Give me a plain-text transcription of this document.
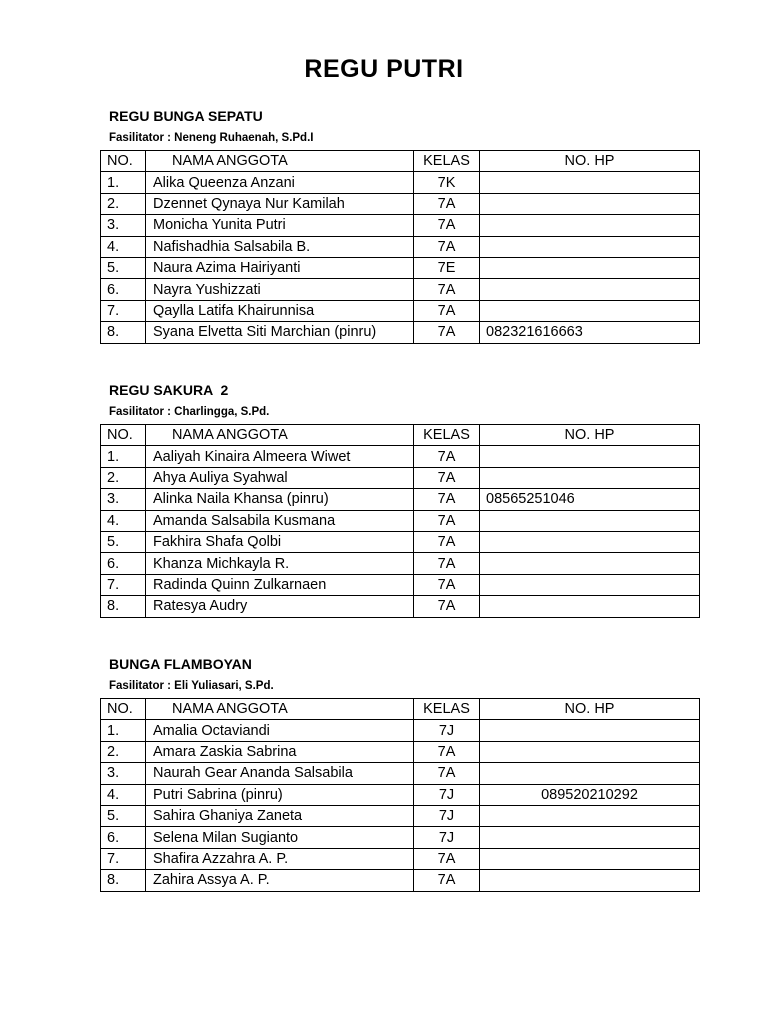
REGU PUTRI
REGU BUNGA SEPATU
Fasilitator : Neneng Ruhaenah, S.Pd.I
NO.	NAMA ANGGOTA	KELAS	NO. HP
1.	Alika Queenza Anzani	7K	
2.	Dzennet Qynaya Nur Kamilah	7A	
3.	Monicha Yunita Putri	7A	
4.	Nafishadhia Salsabila B.	7A	
5.	Naura Azima Hairiyanti	7E	
6.	Nayra Yushizzati	7A	
7.	Qaylla Latifa Khairunnisa	7A	
8.	Syana Elvetta Siti Marchian (pinru)	7A	082321616663
REGU SAKURA  2
Fasilitator : Charlingga, S.Pd.
NO.	NAMA ANGGOTA	KELAS	NO. HP
1.	Aaliyah Kinaira Almeera Wiwet	7A	
2.	Ahya Auliya Syahwal	7A	
3.	Alinka Naila Khansa (pinru)	7A	08565251046
4.	Amanda Salsabila Kusmana	7A	
5.	Fakhira Shafa Qolbi	7A	
6.	Khanza Michkayla R.	7A	
7.	Radinda Quinn Zulkarnaen	7A	
8.	Ratesya Audry	7A	
BUNGA FLAMBOYAN
Fasilitator : Eli Yuliasari, S.Pd.
NO.	NAMA ANGGOTA	KELAS	NO. HP
1.	Amalia Octaviandi	7J	
2.	Amara Zaskia Sabrina	7A	
3.	Naurah Gear Ananda Salsabila	7A	
4.	Putri Sabrina (pinru)	7J	089520210292
5.	Sahira Ghaniya Zaneta	7J	
6.	Selena Milan Sugianto	7J	
7.	Shafira Azzahra A. P.	7A	
8.	Zahira Assya A. P.	7A	
